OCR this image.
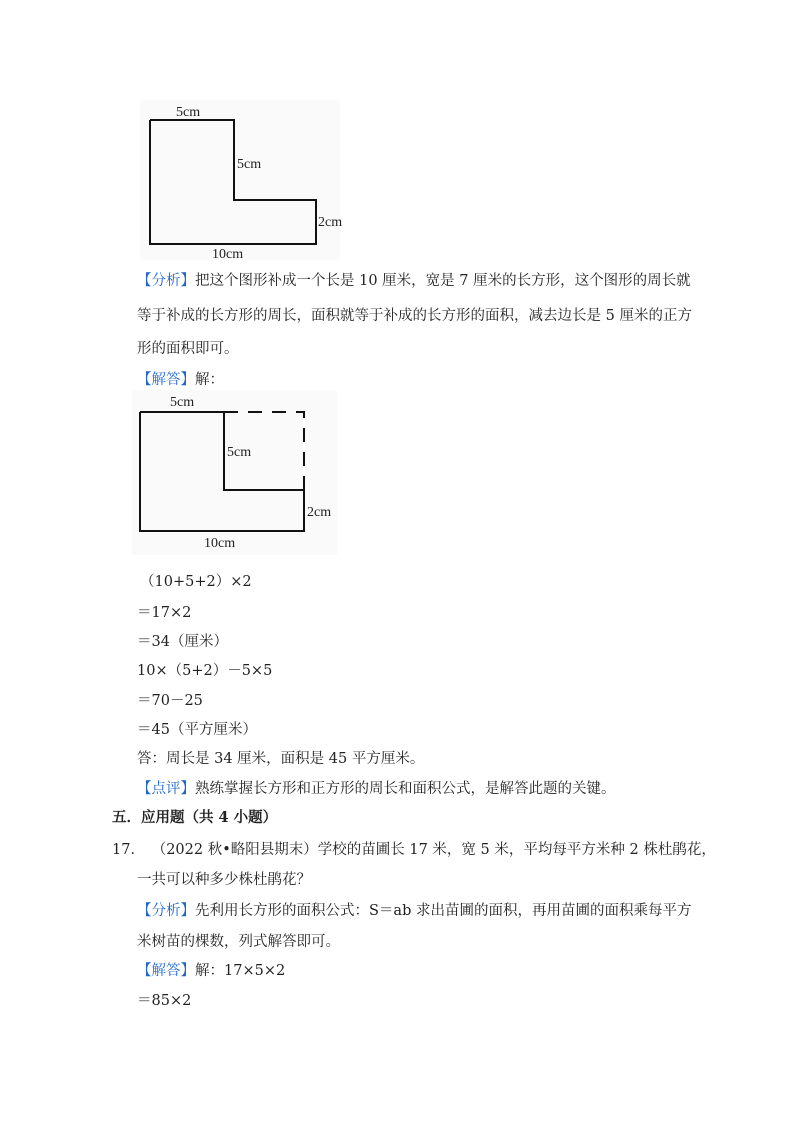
5cm
5cm
2cm
10cm
【分析】把这个图形补成一个长是 10 厘米，宽是 7 厘米的长方形，这个图形的周长就
等于补成的长方形的周长，面积就等于补成的长方形的面积，减去边长是 5 厘米的正方
形的面积即可。
【解答】解：
5cm
5cm
2cm
10cm
（10+5+2）×2
＝17×2
＝34（厘米）
10×（5+2）－5×5
＝70－25
＝45（平方厘米）
答：周长是 34 厘米，面积是 45 平方厘米。
【点评】熟练掌握长方形和正方形的周长和面积公式，是解答此题的关键。
五．应用题（共 4 小题）
17． （2022 秋•略阳县期末）学校的苗圃长 17 米，宽 5 米，平均每平方米种 2 株杜鹃花，
一共可以种多少株杜鹃花？
【分析】先利用长方形的面积公式：S＝ab 求出苗圃的面积，再用苗圃的面积乘每平方
米树苗的棵数，列式解答即可。
【解答】解：17×5×2
＝85×2
